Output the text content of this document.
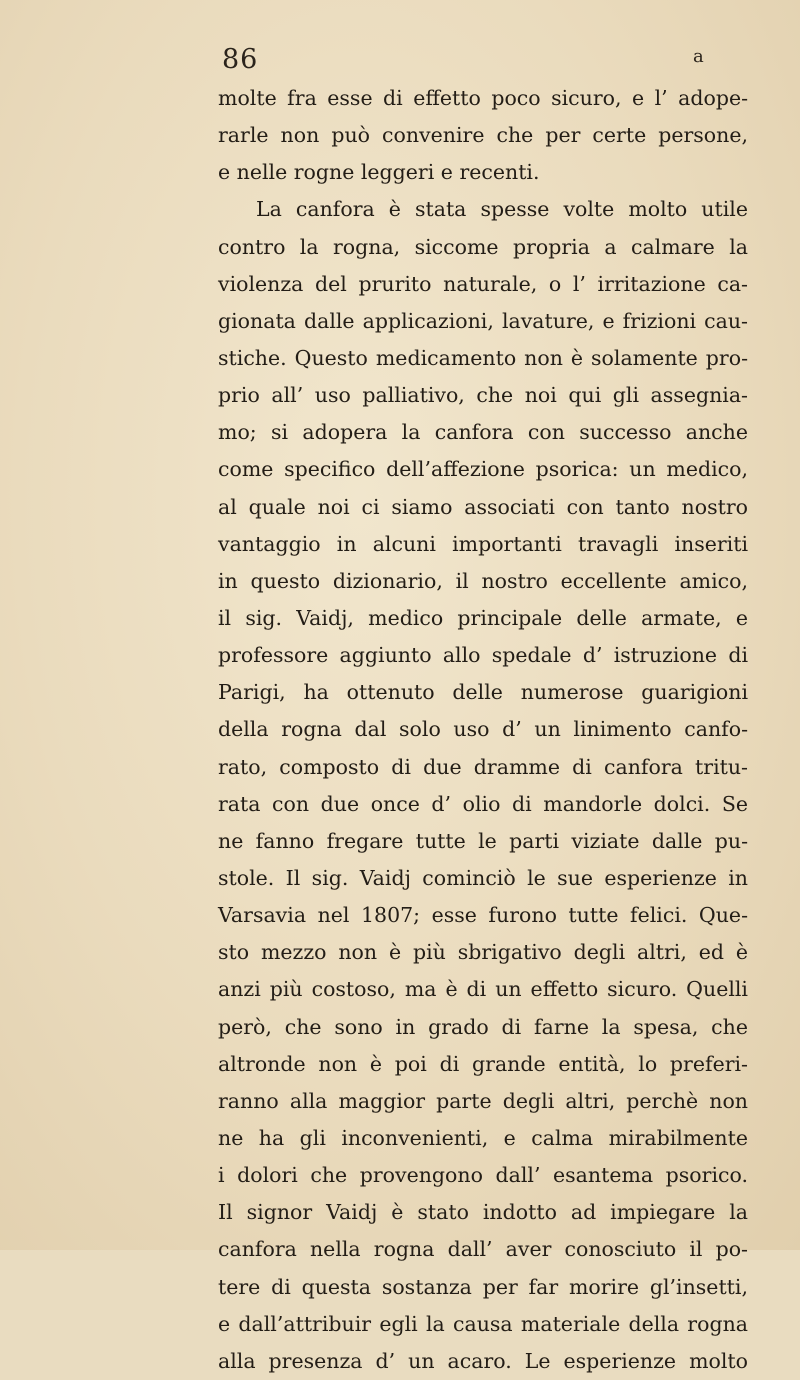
86	a
molte fra esse di effetto poco sicuro, e l’ adope-
rarle non può convenire che per certe persone,
e nelle rogne leggeri e recenti.
La canfora è stata spesse volte molto utile
contro la rogna, siccome propria a calmare la
violenza del prurito naturale, o l’ irritazione ca-
gionata dalle applicazioni, lavature, e frizioni cau-
stiche. Questo medicamento non è solamente pro-
prio all’ uso palliativo, che noi qui gli assegnia-
mo; si adopera la canfora con successo anche
come specifico dell’affezione psorica: un medico,
al quale noi ci siamo associati con tanto nostro
vantaggio in alcuni importanti travagli inseriti
in questo dizionario, il nostro eccellente amico,
il sig. Vaidj, medico principale delle armate, e
professore aggiunto allo spedale d’ istruzione di
Parigi, ha ottenuto delle numerose guarigioni
della rogna dal solo uso d’ un linimento canfo-
rato, composto di due dramme di canfora tritu-
rata con due once d’ olio di mandorle dolci. Se
ne fanno fregare tutte le parti viziate dalle pu-
stole. Il sig. Vaidj cominciò le sue esperienze in
Varsavia nel 1807; esse furono tutte felici. Que-
sto mezzo non è più sbrigativo degli altri, ed è
anzi più costoso, ma è di un effetto sicuro. Quelli
però, che sono in grado di farne la spesa, che
altronde non è poi di grande entità, lo preferi-
ranno alla maggior parte degli altri, perchè non
ne ha gli inconvenienti, e calma mirabilmente
i dolori che provengono dall’ esantema psorico.
Il signor Vaidj è stato indotto ad impiegare la
canfora nella rogna dall’ aver conosciuto il po-
tere di questa sostanza per far morire gl’insetti,
e dall’attribuir egli la causa materiale della rogna
alla presenza d’ un acaro. Le esperienze molto
